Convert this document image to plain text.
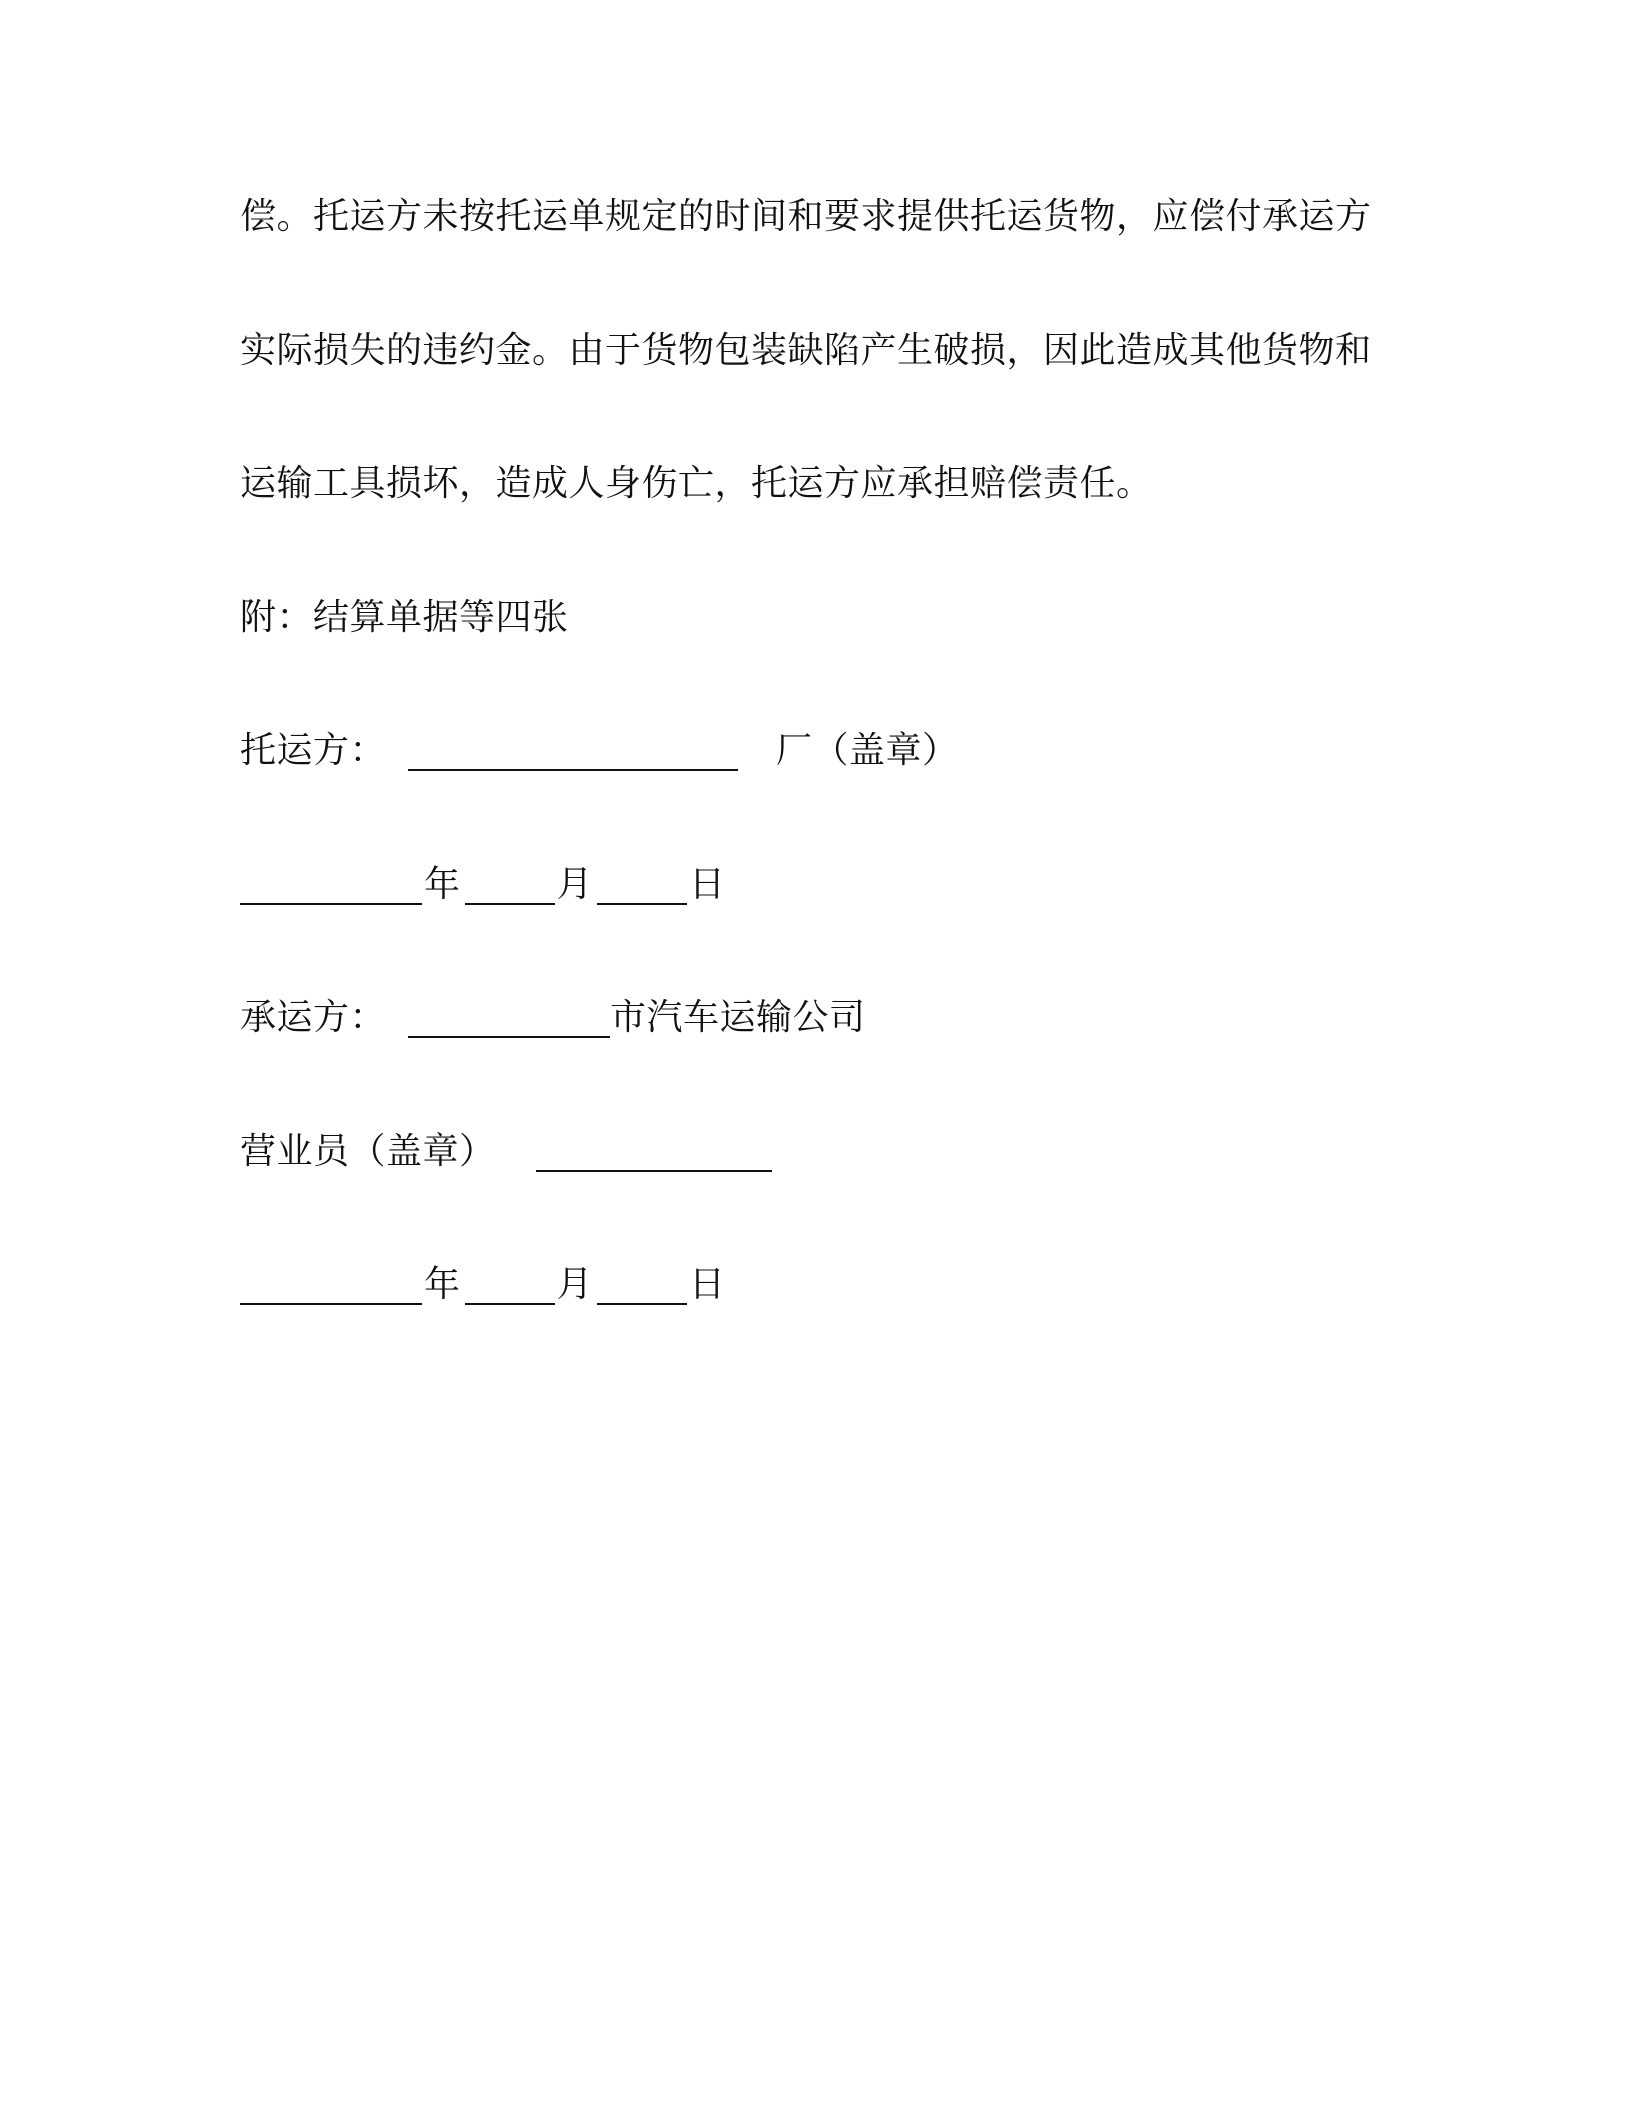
偿。托运方未按托运单规定的时间和要求提供托运货物，应偿付承运方
实际损失的违约金。由于货物包装缺陷产生破损，因此造成其他货物和
运输工具损坏，造成人身伤亡，托运方应承担赔偿责任。
附：结算单据等四张
托运方：	厂（盖章）
年	月	日
承运方：	市汽车运输公司
营业员（盖章）
年	月	日
